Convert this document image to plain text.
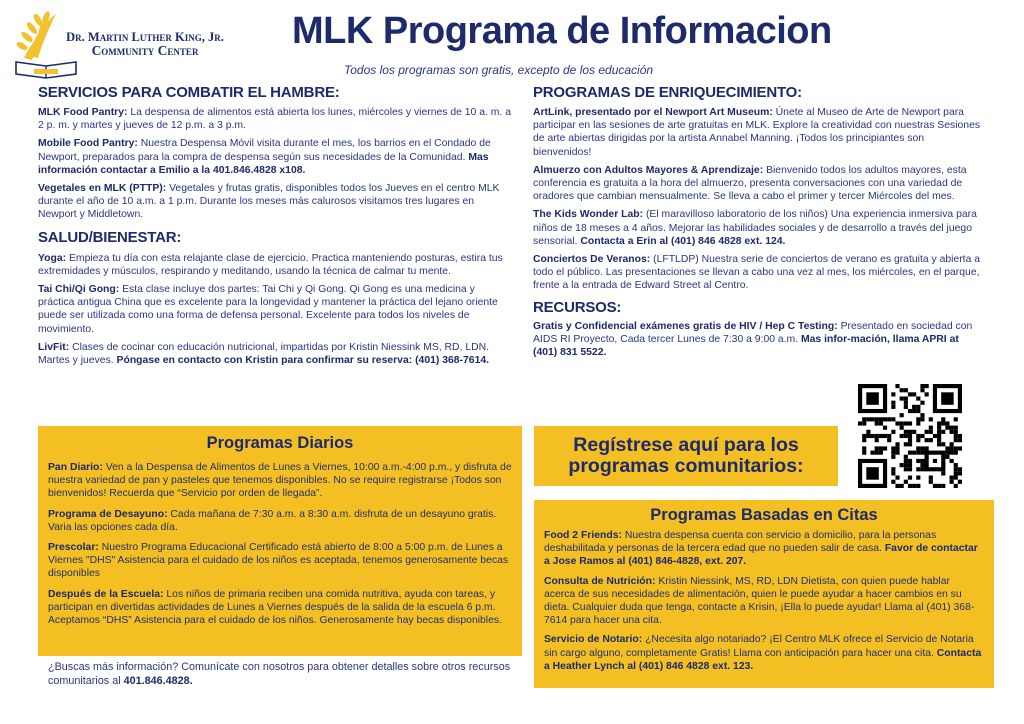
Dr. Martin Luther King, Jr.
Community Center	MLK Programa de Informacion
Todos los programas son gratis, excepto de los educación
SERVICIOS PARA COMBATIR EL HAMBRE:
MLK Food Pantry: La despensa de alimentos está abierta los lunes, miércoles y viernes de 10 a. m. a 2 p. m. y martes y jueves de 12 p.m. a 3 p.m.
Mobile Food Pantry: Nuestra Despensa Móvil visita durante el mes, los barrios en el Condado de Newport, preparados para la compra de despensa según sus necesidades de la Comunidad. Mas información contactar a Emilio a la 401.846.4828 x108.
Vegetales en MLK (PTTP): Vegetales y frutas gratis, disponibles todos los Jueves en el centro MLK durante el año de 10 a.m. a 1 p.m. Durante los meses más calurosos visitamos tres lugares en Newport y Middletown.
SALUD/BIENESTAR:
Yoga: Empieza tu día con esta relajante clase de ejercicio. Practica manteniendo posturas, estira tus extremidades y músculos, respirando y meditando, usando la técnica de calmar tu mente.
Tai Chi/Qi Gong: Esta clase incluye dos partes: Tai Chi y Qi Gong. Qi Gong es una medicina y práctica antigua China que es excelente para la longevidad y mantener la práctica del lejano oriente puede ser utilizada como una forma de defensa personal. Excelente para todos los niveles de movimiento.
LivFit: Clases de cocinar con educación nutricional, impartidas por Kristin Niessink MS, RD, LDN. Martes y jueves. Póngase en contacto con Kristin para confirmar su reserva: (401) 368-7614.
PROGRAMAS DE ENRIQUECIMIENTO:
ArtLink, presentado por el Newport Art Museum: Únete al Museo de Arte de Newport para participar en las sesiones de arte gratuitas en MLK. Explore la creatividad con nuestras Sesiones de arte abiertas dirigidas por la artista Annabel Manning. ¡Todos los principiantes son bienvenidos!
Almuerzo con Adultos Mayores & Aprendizaje: Bienvenido todos los adultos mayores, esta conferencia es gratuita a la hora del almuerzo, presenta conversaciones con una variedad de oradores que cambian mensualmente. Se lleva a cabo el primer y tercer Miércoles del mes.
The Kids Wonder Lab: (El maravilloso laboratorio de los niños) Una experiencia inmersiva para niños de 18 meses a 4 años. Mejorar las habilidades sociales y de desarrollo a través del juego sensorial. Contacta a Erin al (401) 846 4828 ext. 124.
Conciertos De Veranos: (LFTLDP) Nuestra serie de conciertos de verano es gratuita y abierta a todo el público. Las presentaciones se llevan a cabo una vez al mes, los miércoles, en el parque, frente a la entrada de Edward Street al Centro.
RECURSOS:
Gratis y Confidencial exámenes gratis de HIV / Hep C Testing: Presentado en sociedad con AIDS RI Proyecto, Cada tercer Lunes de 7:30 a 9:00 a.m. Mas infor-mación, llama APRI at (401) 831 5522.
Programas Diarios
Pan Diario: Ven a la Despensa de Alimentos de Lunes a Viernes, 10:00 a.m.-4:00 p.m., y disfruta de nuestra variedad de pan y pasteles que tenemos disponibles. No se require registrarse ¡Todos son bienvenidos! Recuerda que “Servicio por orden de llegada”.
Programa de Desayuno: Cada mañana de 7:30 a.m. a 8:30 a.m. disfruta de un desayuno gratis. Varia las opciones cada día.
Prescolar: Nuestro Programa Educacional Certificado está abierto de 8:00 a 5:00 p.m. de Lunes a Viernes "DHS" Asistencia para el cuidado de los niños es aceptada, tenemos generosamente becas disponibles
Después de la Escuela: Los niños de primaria reciben una comida nutritiva, ayuda con tareas, y participan en divertidas actividades de Lunes a Viernes después de la salida de la escuela 6 p.m. Aceptamos “DHS” Asistencia para el cuidado de los niños. Generosamente hay becas disponibles.
¿Buscas más información? Comunícate con nosotros para obtener detalles sobre otros recursos comunitarios al 401.846.4828.
Regístrese aquí para los programas comunitarios:
Programas Basadas en Citas
Food 2 Friends: Nuestra despensa cuenta con servicio a domicilio, para la personas deshabilitada y personas de la tercera edad que no pueden salir de casa. Favor de contactar a Jose Ramos al (401) 846-4828, ext. 207.
Consulta de Nutrición: Kristin Niessink, MS, RD, LDN Dietista, con quien puede hablar acerca de sus necesidades de alimentación, quien le puede ayudar a hacer cambios en su dieta. Cualquier duda que tenga, contacte a Krisin, ¡Ella lo puede ayudar! Llama al (401) 368-7614 para hacer una cita.
Servicio de Notario: ¿Necesita algo notariado? ¡El Centro MLK ofrece el Servicio de Notaria sin cargo alguno, completamente Gratis! Llama con anticipación para hacer una cita. Contacta a Heather Lynch al (401) 846 4828 ext. 123.
